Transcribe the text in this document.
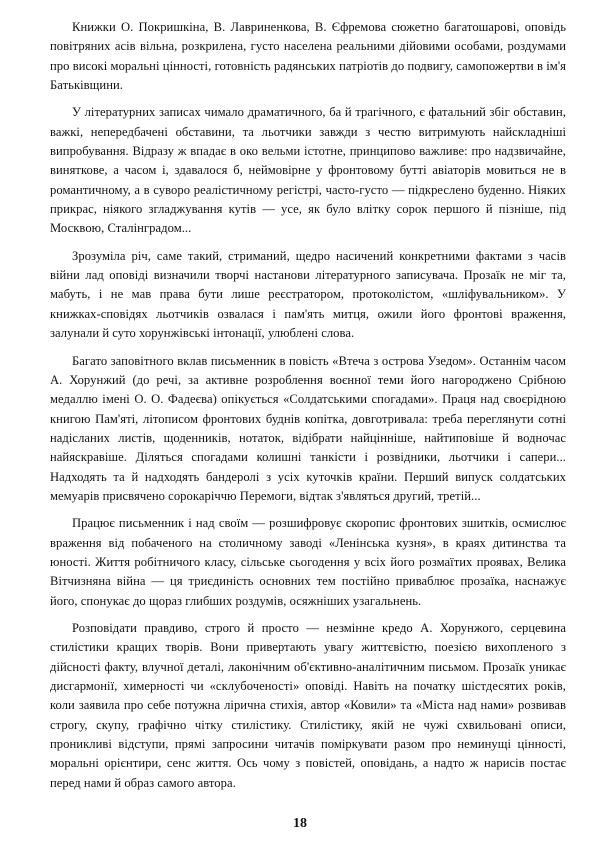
Книжки О. Покришкіна, В. Лавриненкова, В. Єфремова сюжетно багатошарові, оповідь повітряних асів вільна, розкрилена, густо населена реальними дійовими особами, роздумами про високі моральні цінності, готовність радянських патріотів до подвигу, самопожертви в ім'я Батьківщини.

У літературних записах чимало драматичного, ба й трагічного, є фатальний збіг обставин, важкі, непередбачені обставини, та льотчики завжди з честю витримують найскладніші випробування. Відразу ж впадає в око вельми істотне, принципово важливе: про надзвичайне, виняткове, а часом і, здавалося б, неймовірне у фронтовому бутті авіаторів мовиться не в романтичному, а в суворо реалістичному регістрі, часто-густо — підкреслено буденно. Ніяких прикрас, ніякого згладжування кутів — усе, як було влітку сорок першого й пізніше, під Москвою, Сталінградом...

Зрозуміла річ, саме такий, стриманий, щедро насичений конкретними фактами з часів війни лад оповіді визначили творчі настанови літературного записувача. Прозаїк не міг та, мабуть, і не мав права бути лише реєстратором, протоколістом, «шліфувальником». У книжках-сповідях льотчиків озвалася і пам'ять митця, ожили його фронтові враження, залунали й суто хорунжівські інтонації, улюблені слова.

Багато заповітного вклав письменник в повість «Втеча з острова Узедом». Останнім часом А. Хорунжий (до речі, за активне розроблення воєнної теми його нагороджено Срібною медаллю імені О. О. Фадеєва) опікується «Солдатськими спогадами». Праця над своєрідною книгою Пам'яті, літописом фронтових буднів копітка, довготривала: треба переглянути сотні надісланих листів, щоденників, нотаток, відібрати найцінніше, найтиповіше й водночас найяскравіше. Діляться спогадами колишні танкісти і розвідники, льотчики і сапери... Надходять та й надходять бандеролі з усіх куточків країни. Перший випуск солдатських мемуарів присвячено сорокаріччю Перемоги, відтак з'являться другий, третій...

Працює письменник і над своїм — розшифровує скоропис фронтових зшитків, осмислює враження від побаченого на столичному заводі «Ленінська кузня», в краях дитинства та юності. Життя робітничого класу, сільське сьогодення у всіх його розмаїтих проявах, Велика Вітчизняна війна — ця триєдиність основних тем постійно приваблює прозаїка, наснажує його, спонукає до щораз глибших роздумів, осяжніших узагальнень.

Розповідати правдиво, строго й просто — незмінне кредо А. Хорунжого, серцевина стилістики кращих творів. Вони привертають увагу життєвістю, поезією вихопленого з дійсності факту, влучної деталі, лаконічним об'єктивно-аналітичним письмом. Прозаїк уникає дисгармонії, химерності чи «склубоченості» оповіді. Навіть на початку шістдесятих років, коли заявила про себе потужна лірична стихія, автор «Ковили» та «Міста над нами» розвивав строгу, скупу, графічно чітку стилістику. Стилістику, якій не чужі схвильовані описи, проникливі відступи, прямі запросини читачів поміркувати разом про неминущі цінності, моральні орієнтири, сенс життя. Ось чому з повістей, оповідань, а надто ж нарисів постає перед нами й образ самого автора.

18
